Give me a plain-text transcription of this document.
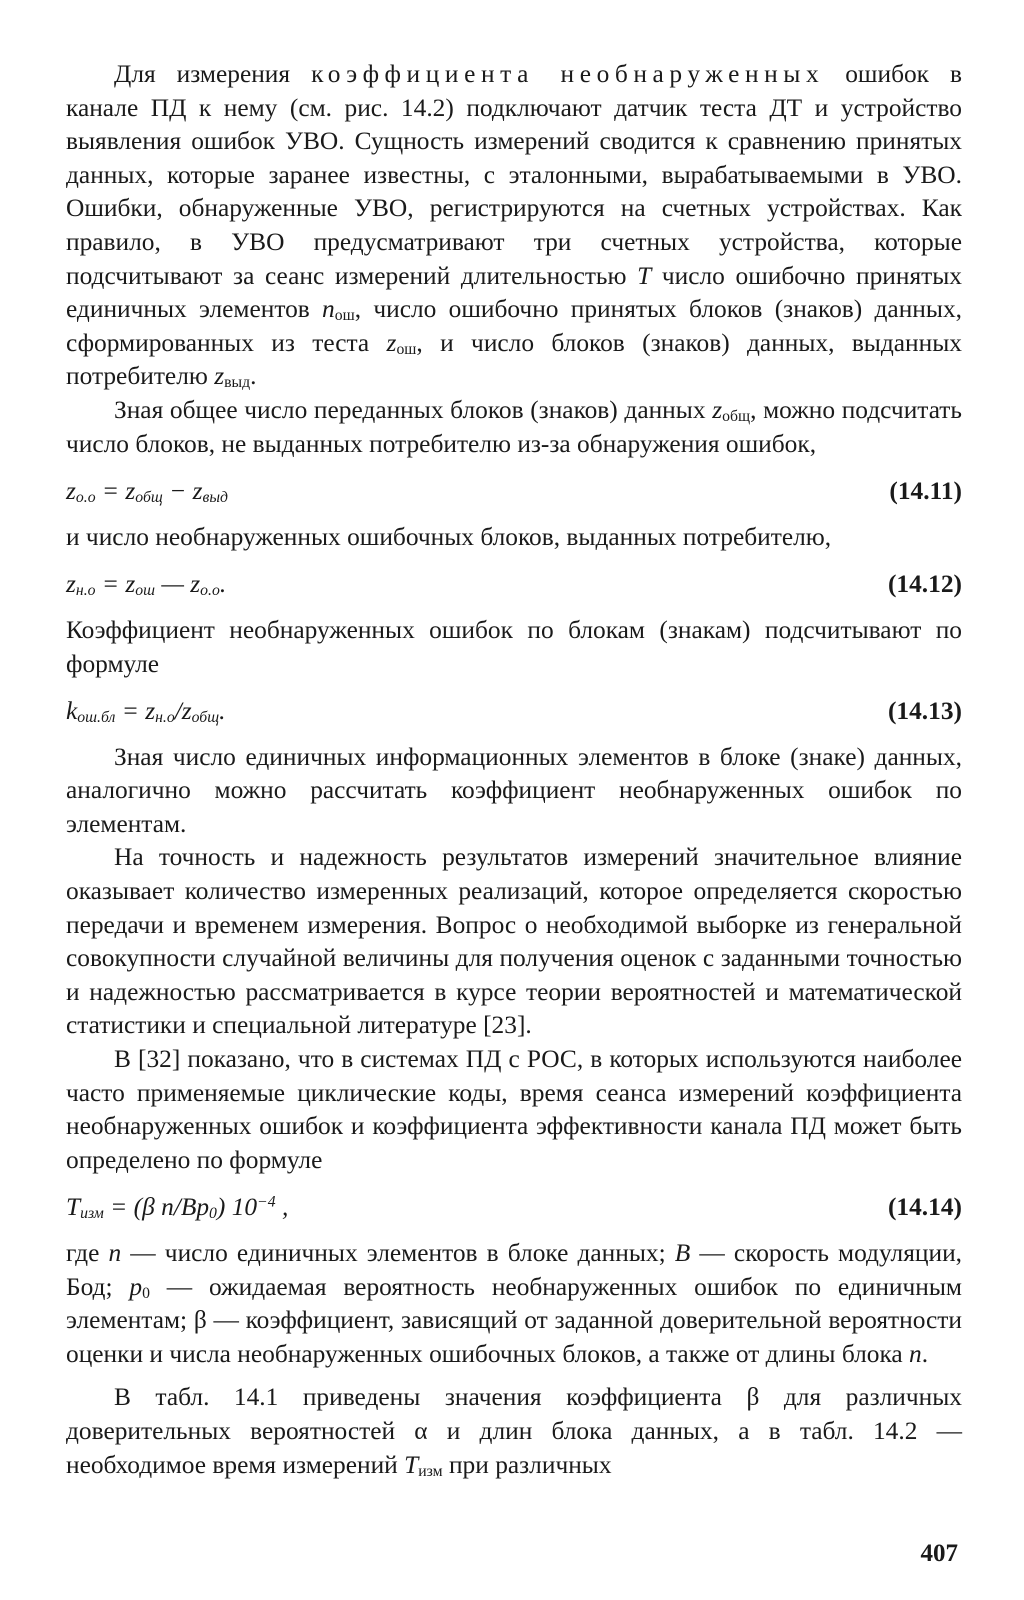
Для измерения коэффициента необнаруженных ошибок в канале ПД к нему (см. рис. 14.2) подключают датчик теста ДТ и устройство выявления ошибок УВО. Сущность измерений сводится к сравнению принятых данных, которые заранее известны, с эталонными, вырабатываемыми в УВО. Ошибки, обнаруженные УВО, регистрируются на счетных устройствах. Как правило, в УВО предусматривают три счетных устройства, которые подсчитывают за сеанс измерений длительностью T число ошибочно принятых единичных элементов $n_{ош}$, число ошибочно принятых блоков (знаков) данных, сформированных из теста $z_{ош}$, и число блоков (знаков) данных, выданных потребителю $z_{выд}$.

Зная общее число переданных блоков (знаков) данных $z_{общ}$, можно подсчитать число блоков, не выданных потребителю из-за обнаружения ошибок,

$z_{о.о} = z_{общ} - z_{выд}$	(14.11)

и число необнаруженных ошибочных блоков, выданных потребителю,

$z_{н.о} = z_{ош}$ — $z_{о.о}$.	(14.12)

Коэффициент необнаруженных ошибок по блокам (знакам) подсчитывают по формуле

$k_{ош.бл} = z_{н.о}/z_{общ}$.	(14.13)

Зная число единичных информационных элементов в блоке (знаке) данных, аналогично можно рассчитать коэффициент необнаруженных ошибок по элементам.

На точность и надежность результатов измерений значительное влияние оказывает количество измеренных реализаций, которое определяется скоростью передачи и временем измерения. Вопрос о необходимой выборке из генеральной совокупности случайной величины для получения оценок с заданными точностью и надежностью рассматривается в курсе теории вероятностей и математической статистики и специальной литературе [23].

В [32] показано, что в системах ПД с РОС, в которых используются наиболее часто применяемые циклические коды, время сеанса измерений коэффициента необнаруженных ошибок и коэффициента эффективности канала ПД может быть определено по формуле

$T_{изм} = (\beta$ $n/Bp_0$) $10^{-4}$ ,	(14.14)

где n — число единичных элементов в блоке данных; B — скорость модуляции, Бод; $p_0$ — ожидаемая вероятность необнаруженных ошибок по единичным элементам; β — коэффициент, зависящий от заданной доверительной вероятности оценки и числа необнаруженных ошибочных блоков, а также от длины блока n.

В табл. 14.1 приведены значения коэффициента β для различных доверительных вероятностей α и длин блока данных, а в табл. 14.2 — необходимое время измерений $T_{изм}$ при различных

407
